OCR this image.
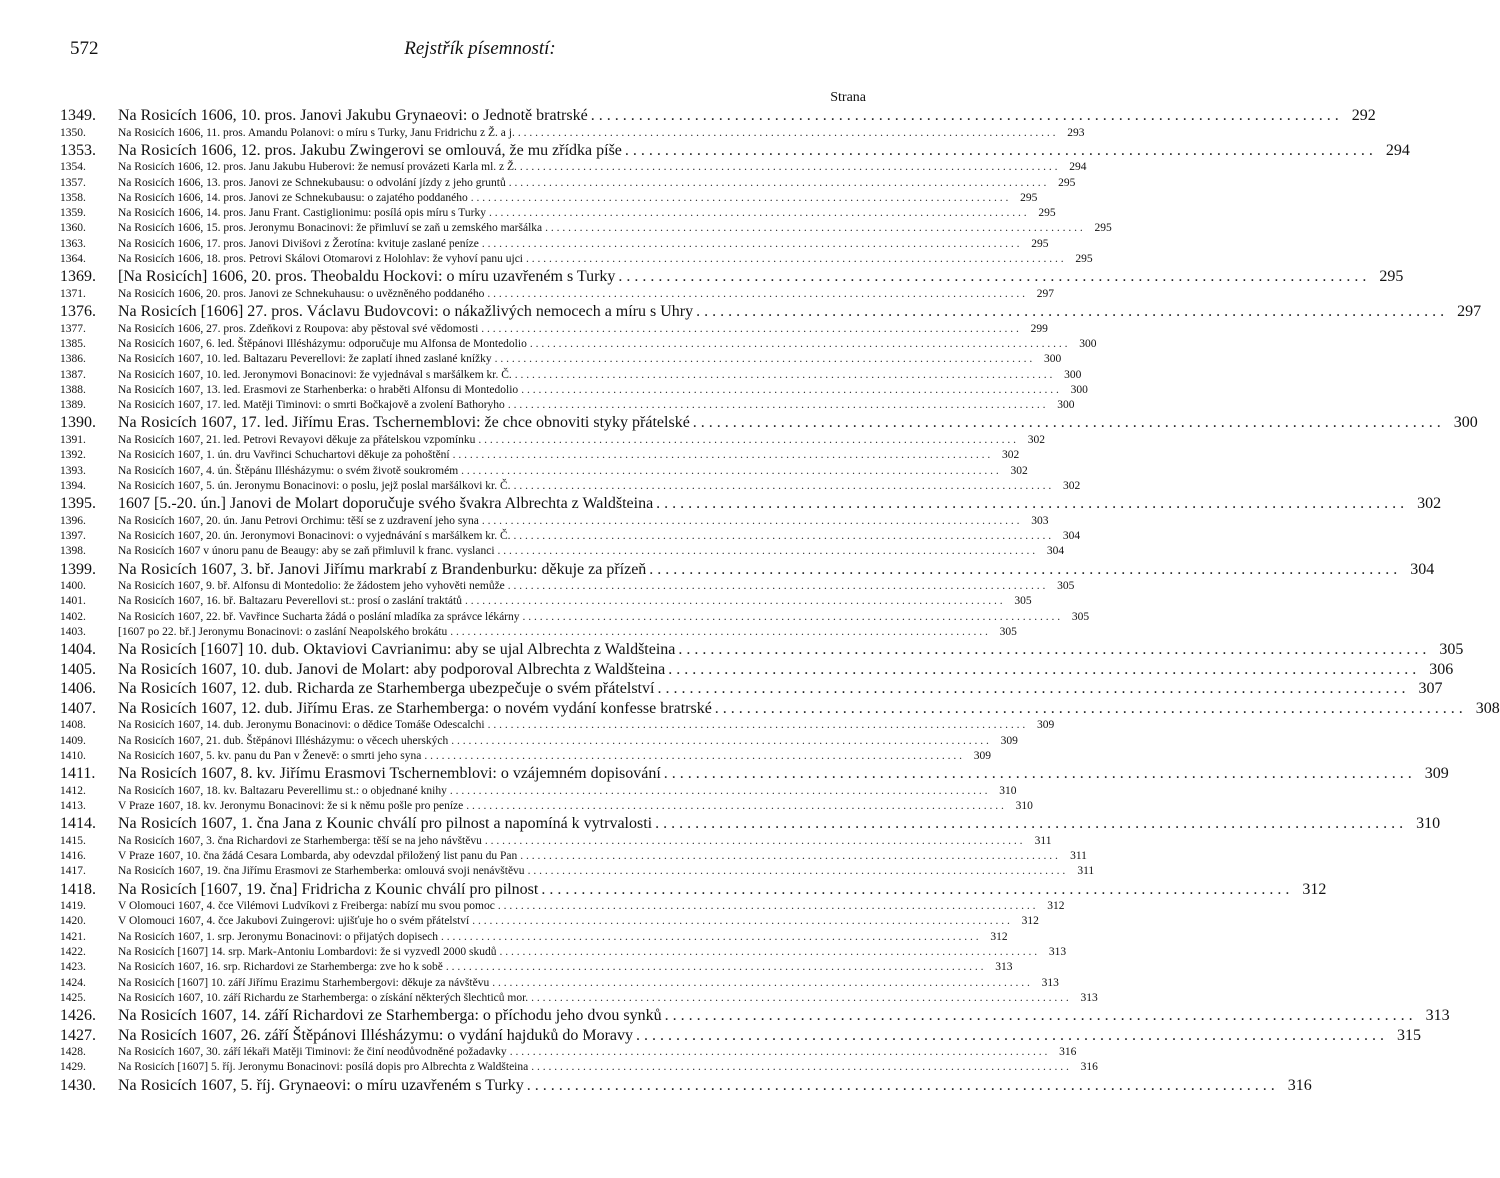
572	Rejstřík písemností:
Strana
1349.	Na Rosicích 1606, 10. pros. Janovi Jakubu Grynaeovi: o Jednotě bratrské . . .	292
1350.	Na Rosicích 1606, 11. pros. Amandu Polanovi: o míru s Turky, Janu Fridrichu z Ž. a j. . . .	293
1353.	Na Rosicích 1606, 12. pros. Jakubu Zwingerovi se omlouvá, že mu zřídka píše . . .	294
1354.	Na Rosicích 1606, 12. pros. Janu Jakubu Huberovi: že nemusí provázeti Karla ml. z Ž. . . .	294
1357.	Na Rosicích 1606, 13. pros. Janovi ze Schnekubausu: o odvolání jízdy z jeho gruntů . . .	295
1358.	Na Rosicích 1606, 14. pros. Janovi ze Schnekubausu: o zajatého poddaného . . .	295
1359.	Na Rosicích 1606, 14. pros. Janu Frant. Castiglionimu: posílá opis míru s Turky . . .	295
1360.	Na Rosicích 1606, 15. pros. Jeronymu Bonacinovi: že přimluví se zaň u zemského maršálka . . .	295
1363.	Na Rosicích 1606, 17. pros. Janovi Divišovi z Žerotína: kvituje zaslané peníze . . .	295
1364.	Na Rosicích 1606, 18. pros. Petrovi Skálovi Otomarovi z Holohlav: že vyhoví panu ujci . . .	295
1369.	[Na Rosicích] 1606, 20. pros. Theobaldu Hockovi: o míru uzavřeném s Turky . . .	295
1371.	Na Rosicích 1606, 20. pros. Janovi ze Schnekuhausu: o uvězněného poddaného . . .	297
1376.	Na Rosicích [1606] 27. pros. Václavu Budovcovi: o nákažlivých nemocech a míru s Uhry . . .	297
1377.	Na Rosicích 1606, 27. pros. Zdeňkovi z Roupova: aby pěstoval své vědomosti . . .	299
1385.	Na Rosicích 1607, 6. led. Štěpánovi Illésházymu: odporučuje mu Alfonsa de Montedolio . . .	300
1386.	Na Rosicích 1607, 10. led. Baltazaru Peverellovi: že zaplatí ihned zaslané knížky . . .	300
1387.	Na Rosicích 1607, 10. led. Jeronymovi Bonacinovi: že vyjednával s maršálkem kr. Č. . . .	300
1388.	Na Rosicích 1607, 13. led. Erasmovi ze Starhenberka: o hraběti Alfonsu di Montedolio . . .	300
1389.	Na Rosicích 1607, 17. led. Matěji Timinovi: o smrti Bočkajově a zvolení Bathoryho . . .	300
1390.	Na Rosicích 1607, 17. led. Jiřímu Eras. Tschernemblovi: že chce obnoviti styky přátelské . . .	300
1391.	Na Rosicích 1607, 21. led. Petrovi Revayovi děkuje za přátelskou vzpomínku . . .	302
1392.	Na Rosicích 1607, 1. ún. dru Vavřinci Schuchartovi děkuje za pohoštění . . .	302
1393.	Na Rosicích 1607, 4. ún. Štěpánu Illésházymu: o svém životě soukromém . . .	302
1394.	Na Rosicích 1607, 5. ún. Jeronymu Bonacinovi: o poslu, jejž poslal maršálkovi kr. Č. . . .	302
1395.	1607 [5.-20. ún.] Janovi de Molart doporučuje svého švakra Albrechta z Waldšteina . . .	302
1396.	Na Rosicích 1607, 20. ún. Janu Petrovi Orchimu: těší se z uzdravení jeho syna . . .	303
1397.	Na Rosicích 1607, 20. ún. Jeronymovi Bonacinovi: o vyjednávání s maršálkem kr. Č. . . .	304
1398.	Na Rosicích 1607 v únoru panu de Beaugy: aby se zaň přimluvil k franc. vyslanci . . .	304
1399.	Na Rosicích 1607, 3. bř. Janovi Jiřímu markrabí z Brandenburku: děkuje za přízeň . . .	304
1400.	Na Rosicích 1607, 9. bř. Alfonsu di Montedolio: že žádostem jeho vyhověti nemůže . . .	305
1401.	Na Rosicích 1607, 16. bř. Baltazaru Peverellovi st.: prosí o zaslání traktátů . . .	305
1402.	Na Rosicích 1607, 22. bř. Vavřince Sucharta žádá o poslání mladíka za správce lékárny . . .	305
1403.	[1607 po 22. bř.] Jeronymu Bonacinovi: o zaslání Neapolského brokátu . . .	305
1404.	Na Rosicích [1607] 10. dub. Oktaviovi Cavrianimu: aby se ujal Albrechta z Waldšteina . . .	305
1405.	Na Rosicích 1607, 10. dub. Janovi de Molart: aby podporoval Albrechta z Waldšteina . . .	306
1406.	Na Rosicích 1607, 12. dub. Richarda ze Starhemberga ubezpečuje o svém přátelství . . .	307
1407.	Na Rosicích 1607, 12. dub. Jiřímu Eras. ze Starhemberga: o novém vydání konfesse bratrské . . .	308
1408.	Na Rosicích 1607, 14. dub. Jeronymu Bonacinovi: o dědice Tomáše Odescalchi . . .	309
1409.	Na Rosicích 1607, 21. dub. Štěpánovi Illésházymu: o věcech uherských . . .	309
1410.	Na Rosicích 1607, 5. kv. panu du Pan v Ženevě: o smrti jeho syna . . .	309
1411.	Na Rosicích 1607, 8. kv. Jiřímu Erasmovi Tschernemblovi: o vzájemném dopisování . . .	309
1412.	Na Rosicích 1607, 18. kv. Baltazaru Peverellimu st.: o objednané knihy . . .	310
1413.	V Praze 1607, 18. kv. Jeronymu Bonacinovi: že si k němu pošle pro peníze . . .	310
1414.	Na Rosicích 1607, 1. čna Jana z Kounic chválí pro pilnost a napomíná k vytrvalosti . . .	310
1415.	Na Rosicích 1607, 3. čna Richardovi ze Starhemberga: těší se na jeho návštěvu . . .	311
1416.	V Praze 1607, 10. čna žádá Cesara Lombarda, aby odevzdal přiložený list panu du Pan . . .	311
1417.	Na Rosicích 1607, 19. čna Jiřímu Erasmovi ze Starhemberka: omlouvá svoji nenávštěvu . . .	311
1418.	Na Rosicích [1607, 19. čna] Fridricha z Kounic chválí pro pilnost . . .	312
1419.	V Olomouci 1607, 4. čce Vilémovi Ludvíkovi z Freiberga: nabízí mu svou pomoc . . .	312
1420.	V Olomouci 1607, 4. čce Jakubovi Zuingerovi: ujišťuje ho o svém přátelství . . .	312
1421.	Na Rosicích 1607, 1. srp. Jeronymu Bonacinovi: o přijatých dopisech . . .	312
1422.	Na Rosicích [1607] 14. srp. Mark-Antoniu Lombardovi: že si vyzvedl 2000 skudů . . .	313
1423.	Na Rosicích 1607, 16. srp. Richardovi ze Starhemberga: zve ho k sobě . . .	313
1424.	Na Rosicích [1607] 10. září Jiřímu Erazimu Starhembergovi: děkuje za návštěvu . . .	313
1425.	Na Rosicích 1607, 10. září Richardu ze Starhemberga: o získání některých šlechticů mor. . . .	313
1426.	Na Rosicích 1607, 14. září Richardovi ze Starhemberga: o příchodu jeho dvou synků . . .	313
1427.	Na Rosicích 1607, 26. září Štěpánovi Illésházymu: o vydání hajduků do Moravy . . .	315
1428.	Na Rosicích 1607, 30. září lékaři Matěji Timinovi: že činí neodůvodněné požadavky . . .	316
1429.	Na Rosicích [1607] 5. říj. Jeronymu Bonacinovi: posílá dopis pro Albrechta z Waldšteina . . .	316
1430.	Na Rosicích 1607, 5. říj. Grynaeovi: o míru uzavřeném s Turky . . .	316
